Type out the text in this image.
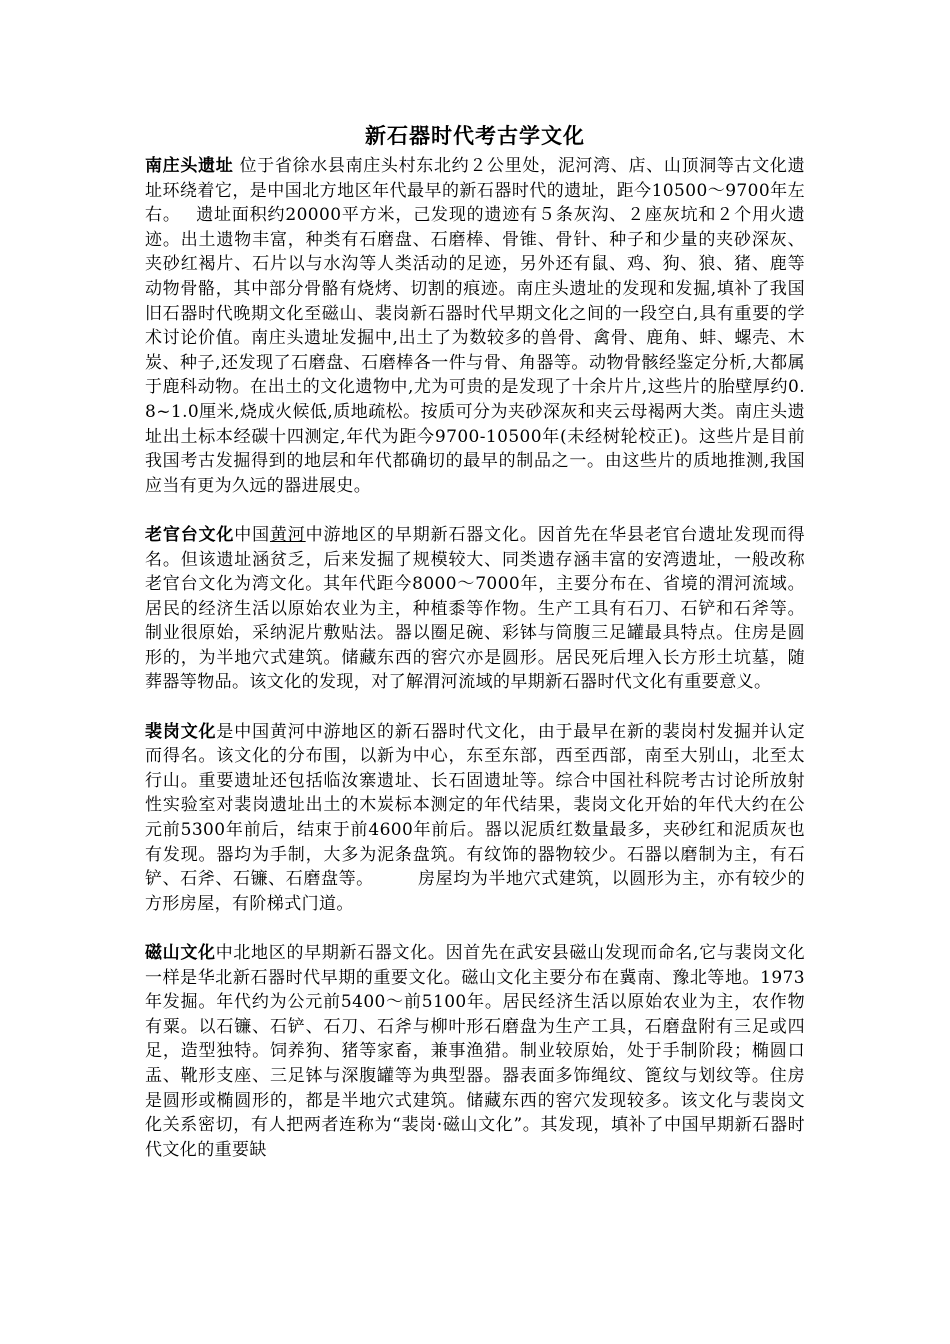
新石器时代考古学文化

南庄头遗址 位于省徐水县南庄头村东北约２公里处，泥河湾、店、山顶洞等古文化遗址环绕着它，是中国北方地区年代最早的新石器时代的遗址，距今10500～9700年左右。　 遗址面积约20000平方米，己发现的遗迹有５条灰沟、２座灰坑和２个用火遗迹。出土遗物丰富，种类有石磨盘、石磨棒、骨锥、骨针、种子和少量的夹砂深灰、夹砂红褐片、石片以与水沟等人类活动的足迹，另外还有鼠、鸡、狗、狼、猪、鹿等动物骨骼，其中部分骨骼有烧烤、切割的痕迹。南庄头遗址的发现和发掘,填补了我国旧石器时代晚期文化至磁山、裴岗新石器时代早期文化之间的一段空白,具有重要的学术讨论价值。南庄头遗址发掘中,出土了为数较多的兽骨、禽骨、鹿角、蚌、螺壳、木炭、种子,还发现了石磨盘、石磨棒各一件与骨、角器等。动物骨骸经鉴定分析,大都属于鹿科动物。在出土的文化遗物中,尤为可贵的是发现了十余片片,这些片的胎壁厚约0.8~1.0厘米,烧成火候低,质地疏松。按质可分为夹砂深灰和夹云母褐两大类。南庄头遗址出土标本经碳十四测定,年代为距今9700-10500年(未经树轮校正)。这些片是目前我国考古发掘得到的地层和年代都确切的最早的制品之一。由这些片的质地推测,我国应当有更为久远的器进展史。

老官台文化中国黄河中游地区的早期新石器文化。因首先在华县老官台遗址发现而得名。但该遗址涵贫乏，后来发掘了规模较大、同类遗存涵丰富的安湾遗址，一般改称老官台文化为湾文化。其年代距今8000～7000年，主要分布在、省境的渭河流域。居民的经济生活以原始农业为主，种植黍等作物。生产工具有石刀、石铲和石斧等。制业很原始，采纳泥片敷贴法。器以圈足碗、彩钵与筒腹三足罐最具特点。住房是圆形的，为半地穴式建筑。储藏东西的窖穴亦是圆形。居民死后埋入长方形土坑墓，随葬器等物品。该文化的发现，对了解渭河流域的早期新石器时代文化有重要意义。

裴岗文化是中国黄河中游地区的新石器时代文化，由于最早在新的裴岗村发掘并认定而得名。该文化的分布围，以新为中心，东至东部，西至西部，南至大别山，北至太行山。重要遗址还包括临汝寨遗址、长石固遗址等。综合中国社科院考古讨论所放射性实验室对裴岗遗址出土的木炭标本测定的年代结果，裴岗文化开始的年代大约在公元前5300年前后，结束于前4600年前后。器以泥质红数量最多，夹砂红和泥质灰也有发现。器均为手制，大多为泥条盘筑。有纹饰的器物较少。石器以磨制为主，有石铲、石斧、石镰、石磨盘等。　　　房屋均为半地穴式建筑，以圆形为主，亦有较少的方形房屋，有阶梯式门道。

磁山文化中北地区的早期新石器文化。因首先在武安县磁山发现而命名,它与裴岗文化一样是华北新石器时代早期的重要文化。磁山文化主要分布在冀南、豫北等地。1973年发掘。年代约为公元前5400～前5100年。居民经济生活以原始农业为主，农作物有粟。以石镰、石铲、石刀、石斧与柳叶形石磨盘为生产工具，石磨盘附有三足或四足，造型独特。饲养狗、猪等家畜，兼事渔猎。制业较原始，处于手制阶段；椭圆口盂、靴形支座、三足钵与深腹罐等为典型器。器表面多饰绳纹、篦纹与划纹等。住房是圆形或椭圆形的，都是半地穴式建筑。储藏东西的窖穴发现较多。该文化与裴岗文化关系密切，有人把两者连称为“裴岗·磁山文化”。其发现，填补了中国早期新石器时代文化的重要缺
